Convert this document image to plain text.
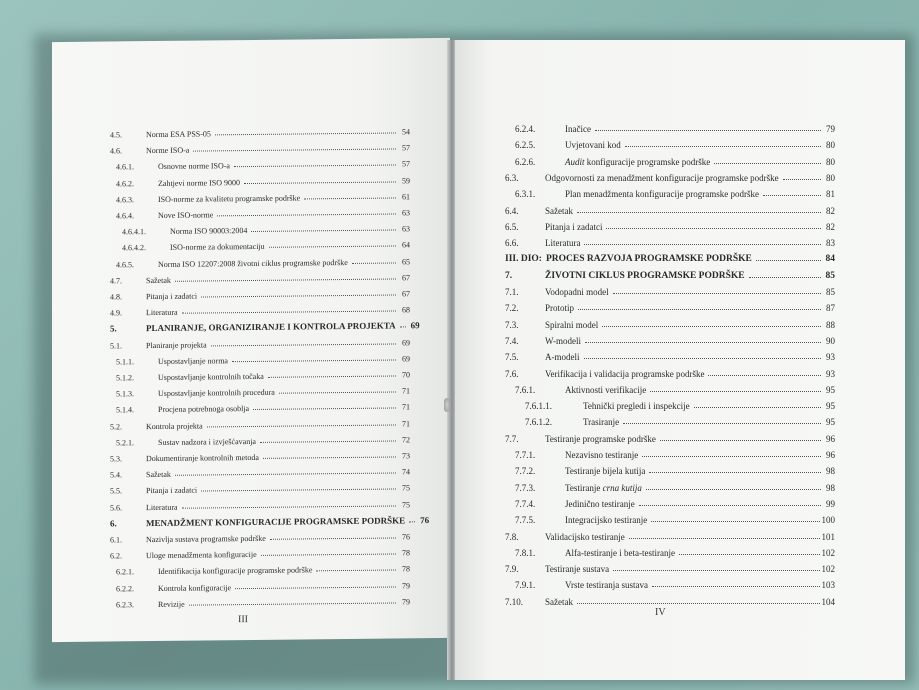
4.5.	Norma ESA PSS-05	54
4.6.	Norme ISO-a	57
4.6.1.	Osnovne norme ISO-a	57
4.6.2.	Zahtjevi norme ISO 9000	59
4.6.3.	ISO-norme za kvalitetu programske podrške	61
4.6.4.	Nove ISO-norme	63
4.6.4.1.	Norma ISO 90003:2004	63
4.6.4.2.	ISO-norme za dokumentaciju	64
4.6.5.	Norma ISO 12207:2008 životni ciklus programske podrške	65
4.7.	Sažetak	67
4.8.	Pitanja i zadatci	67
4.9.	Literatura	68
5.	PLANIRANJE, ORGANIZIRANJE I KONTROLA PROJEKTA	69
5.1.	Planiranje projekta	69
5.1.1.	Uspostavljanje norma	69
5.1.2.	Uspostavljanje kontrolnih točaka	70
5.1.3.	Uspostavljanje kontrolnih procedura	71
5.1.4.	Procjena potrebnoga osoblja	71
5.2.	Kontrola projekta	71
5.2.1.	Sustav nadzora i izvješćavanja	72
5.3.	Dokumentiranje kontrolnih metoda	73
5.4.	Sažetak	74
5.5.	Pitanja i zadatci	75
5.6.	Literatura	75
6.	MENADŽMENT KONFIGURACIJE PROGRAMSKE PODRŠKE	76
6.1.	Nazivlja sustava programske podrške	76
6.2.	Uloge menadžmenta konfiguracije	78
6.2.1.	Identifikacija konfiguracije programske podrške	78
6.2.2.	Kontrola konfiguracije	79
6.2.3.	Revizije	79
III
6.2.4.	Inačice	79
6.2.5.	Uvjetovani kod	80
6.2.6.	Audit konfiguracije programske podrške	80
6.3.	Odgovornosti za menadžment konfiguracije programske podrške	80
6.3.1.	Plan menadžmenta konfiguracije programske podrške	81
6.4.	Sažetak	82
6.5.	Pitanja i zadatci	82
6.6.	Literatura	83
III. DIO: PROCES RAZVOJA PROGRAMSKE PODRŠKE	84
7.	ŽIVOTNI CIKLUS PROGRAMSKE PODRŠKE	85
7.1.	Vodopadni model	85
7.2.	Prototip	87
7.3.	Spiralni model	88
7.4.	W-modeli	90
7.5.	A-modeli	93
7.6.	Verifikacija i validacija programske podrške	93
7.6.1.	Aktivnosti verifikacije	95
7.6.1.1.	Tehnički pregledi i inspekcije	95
7.6.1.2.	Trasiranje	95
7.7.	Testiranje programske podrške	96
7.7.1.	Nezavisno testiranje	96
7.7.2.	Testiranje bijela kutija	98
7.7.3.	Testiranje crna kutija	98
7.7.4.	Jedinično testiranje	99
7.7.5.	Integracijsko testiranje	100
7.8.	Validacijsko testiranje	101
7.8.1.	Alfa-testiranje i beta-testiranje	102
7.9.	Testiranje sustava	102
7.9.1.	Vrste testiranja sustava	103
7.10.	Sažetak	104
IV
